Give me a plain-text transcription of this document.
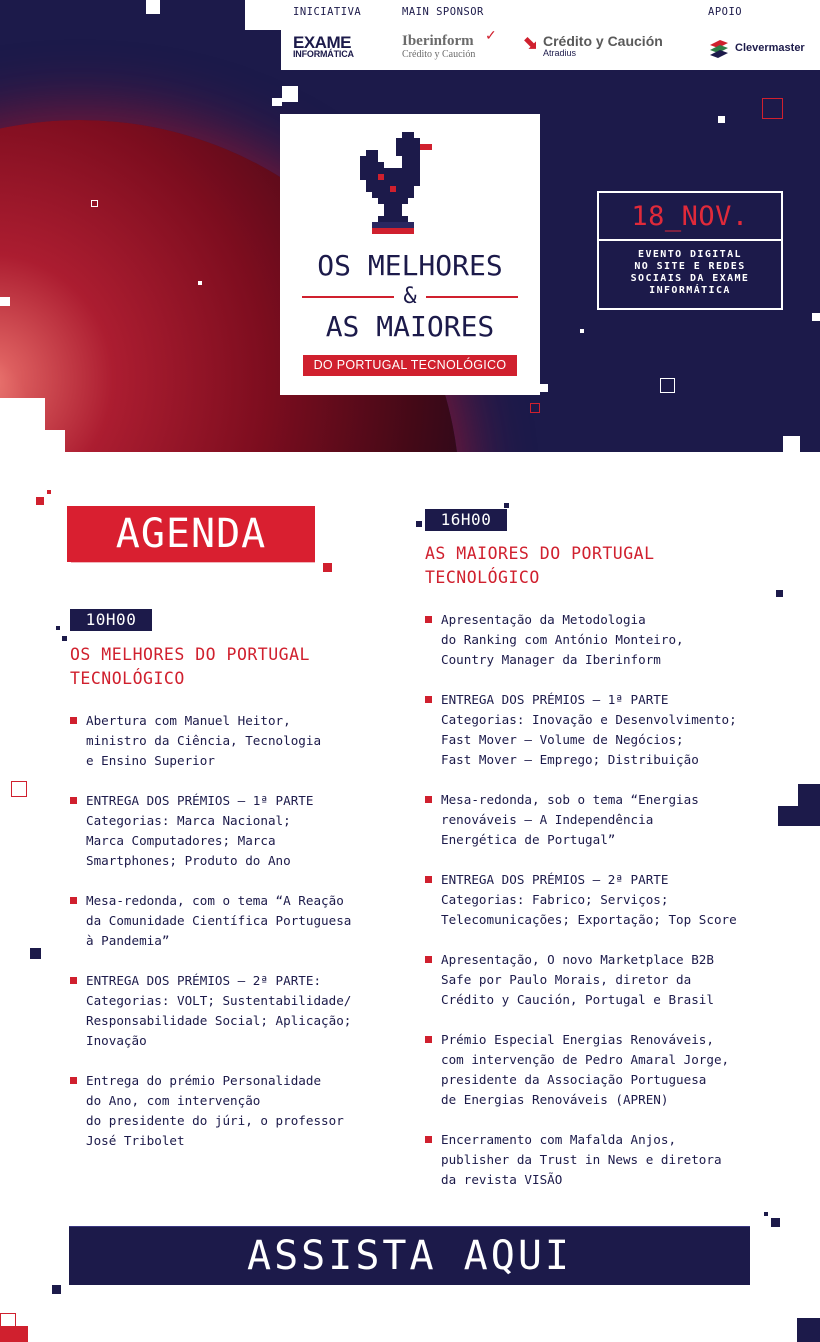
INICIATIVA	MAIN SPONSOR	APOIO
EXAME
INFORMÁTICA
✓
Iberinform
Crédito y Caución
⬊ Crédito y Caución
Atradius	Clevermaster
OS MELHORES
&
AS MAIORES
DO PORTUGAL TECNOLÓGICO
18_NOV.
EVENTO DIGITAL
NO SITE E REDES
SOCIAIS DA EXAME
INFORMÁTICA
AGENDA
10H00
OS MELHORES DO PORTUGAL
TECNOLÓGICO
Abertura com Manuel Heitor,
ministro da Ciência, Tecnologia
e Ensino Superior
ENTREGA DOS PRÉMIOS – 1ª PARTE
Categorias: Marca Nacional;
Marca Computadores; Marca
Smartphones; Produto do Ano
Mesa-redonda, com o tema “A Reação
da Comunidade Científica Portuguesa
à Pandemia”
ENTREGA DOS PRÉMIOS – 2ª PARTE:
Categorias: VOLT; Sustentabilidade/
Responsabilidade Social; Aplicação;
Inovação
Entrega do prémio Personalidade
do Ano, com intervenção
do presidente do júri, o professor
José Tribolet
16H00
AS MAIORES DO PORTUGAL
TECNOLÓGICO
Apresentação da Metodologia
do Ranking com António Monteiro,
Country Manager da Iberinform
ENTREGA DOS PRÉMIOS – 1ª PARTE
Categorias: Inovação e Desenvolvimento;
Fast Mover – Volume de Negócios;
Fast Mover – Emprego; Distribuição
Mesa-redonda, sob o tema “Energias
renováveis – A Independência
Energética de Portugal”
ENTREGA DOS PRÉMIOS – 2ª PARTE
Categorias: Fabrico; Serviços;
Telecomunicações; Exportação; Top Score
Apresentação, O novo Marketplace B2B
Safe por Paulo Morais, diretor da
Crédito y Caución, Portugal e Brasil
Prémio Especial Energias Renováveis,
com intervenção de Pedro Amaral Jorge,
presidente da Associação Portuguesa
de Energias Renováveis (APREN)
Encerramento com Mafalda Anjos,
publisher da Trust in News e diretora
da revista VISÃO
ASSISTA AQUI
